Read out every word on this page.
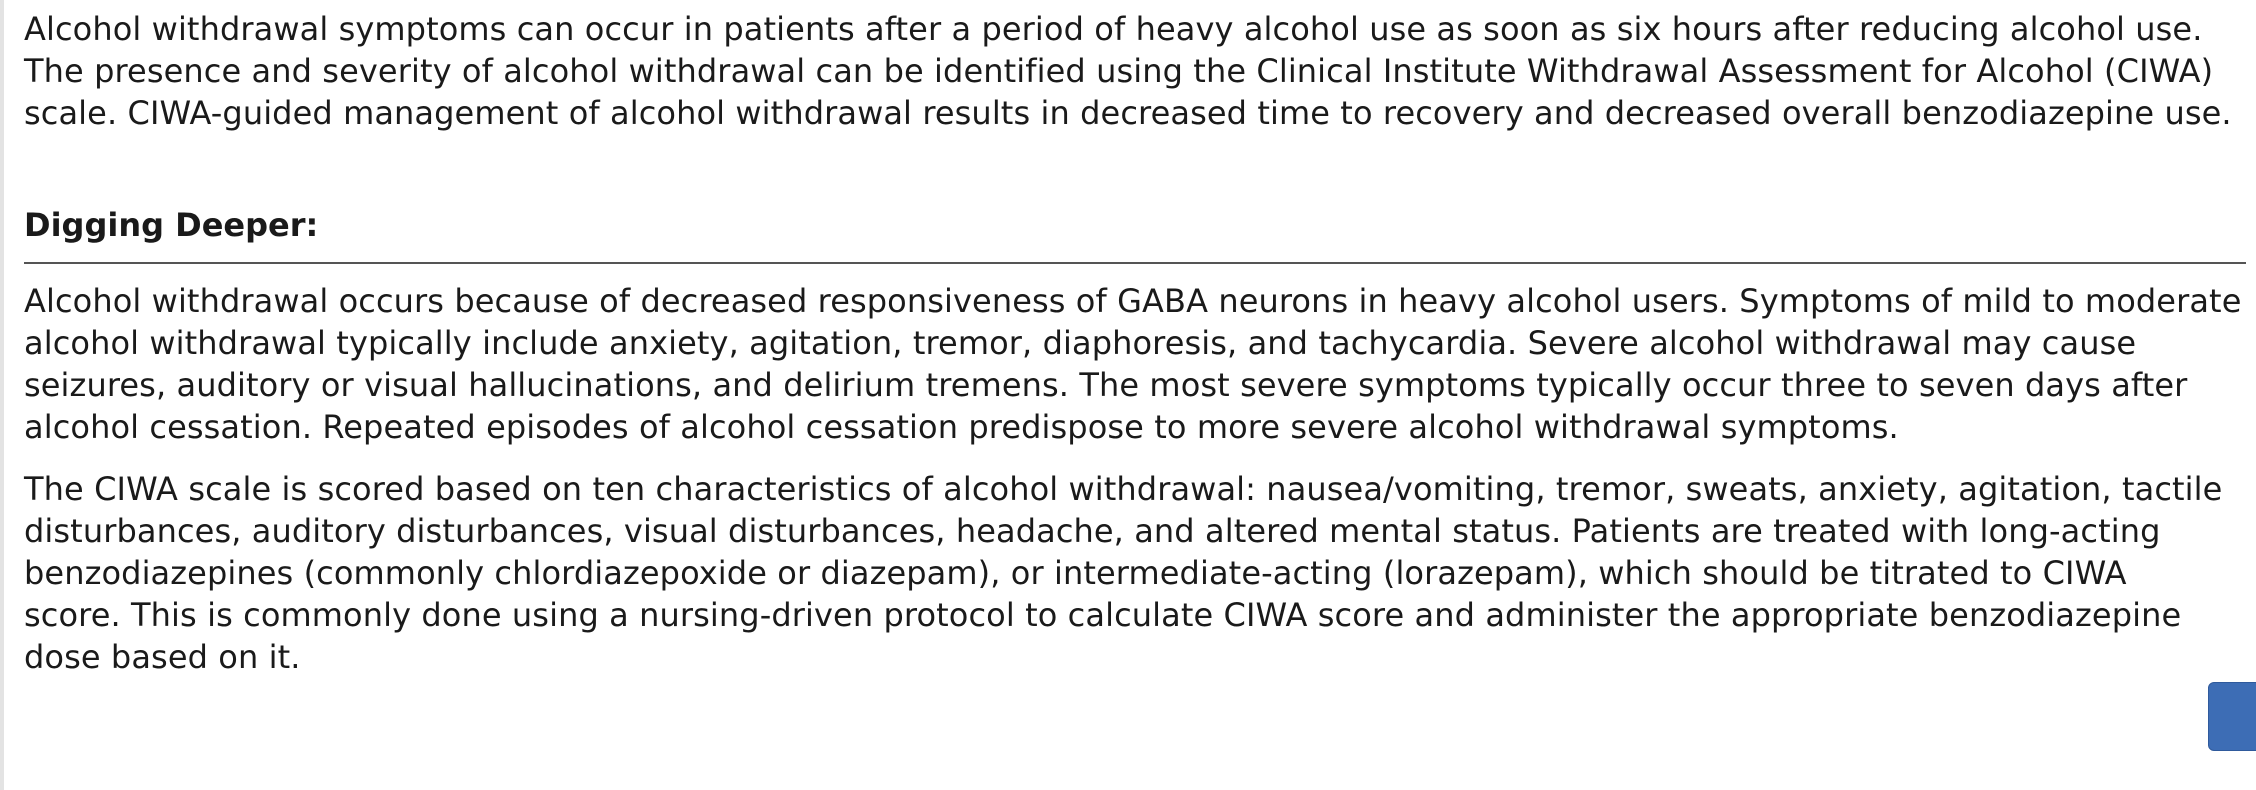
Alcohol withdrawal symptoms can occur in patients after a period of heavy alcohol use as soon as six hours after reducing alcohol use. The presence and severity of alcohol withdrawal can be identified using the Clinical Institute Withdrawal Assessment for Alcohol (CIWA) scale. CIWA-guided management of alcohol withdrawal results in decreased time to recovery and decreased overall benzodiazepine use.

Digging Deeper:

Alcohol withdrawal occurs because of decreased responsiveness of GABA neurons in heavy alcohol users. Symptoms of mild to moderate alcohol withdrawal typically include anxiety, agitation, tremor, diaphoresis, and tachycardia. Severe alcohol withdrawal may cause seizures, auditory or visual hallucinations, and delirium tremens. The most severe symptoms typically occur three to seven days after alcohol cessation. Repeated episodes of alcohol cessation predispose to more severe alcohol withdrawal symptoms.

The CIWA scale is scored based on ten characteristics of alcohol withdrawal: nausea/vomiting, tremor, sweats, anxiety, agitation, tactile disturbances, auditory disturbances, visual disturbances, headache, and altered mental status. Patients are treated with long-acting benzodiazepines (commonly chlordiazepoxide or diazepam), or intermediate-acting (lorazepam), which should be titrated to CIWA score. This is commonly done using a nursing-driven protocol to calculate CIWA score and administer the appropriate benzodiazepine dose based on it.
